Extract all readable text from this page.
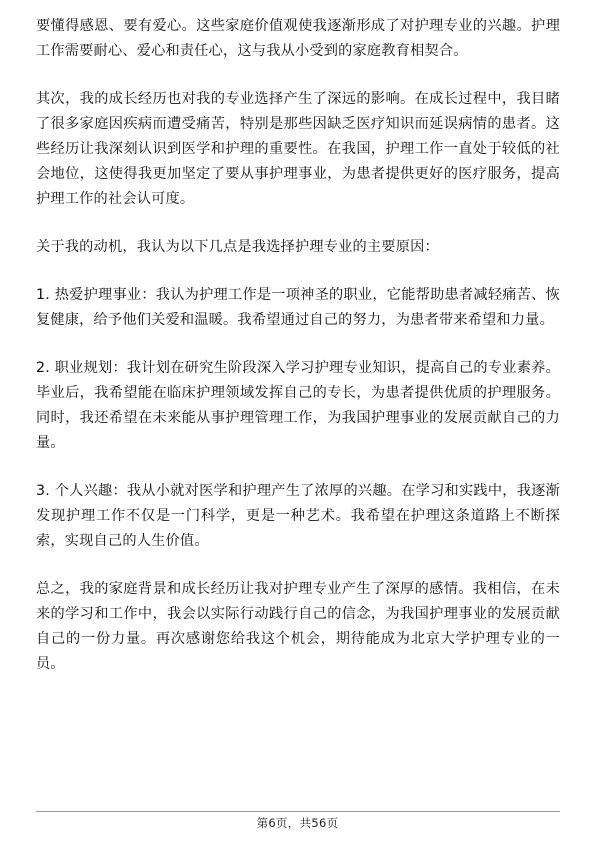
要懂得感恩、要有爱心。这些家庭价值观使我逐渐形成了对护理专业的兴趣。护理工作需要耐心、爱心和责任心，这与我从小受到的家庭教育相契合。

其次，我的成长经历也对我的专业选择产生了深远的影响。在成长过程中，我目睹了很多家庭因疾病而遭受痛苦，特别是那些因缺乏医疗知识而延误病情的患者。这些经历让我深刻认识到医学和护理的重要性。在我国，护理工作一直处于较低的社会地位，这使得我更加坚定了要从事护理事业，为患者提供更好的医疗服务，提高护理工作的社会认可度。

关于我的动机，我认为以下几点是我选择护理专业的主要原因：

1. 热爱护理事业：我认为护理工作是一项神圣的职业，它能帮助患者减轻痛苦、恢复健康，给予他们关爱和温暖。我希望通过自己的努力，为患者带来希望和力量。

2. 职业规划：我计划在研究生阶段深入学习护理专业知识，提高自己的专业素养。毕业后，我希望能在临床护理领域发挥自己的专长，为患者提供优质的护理服务。同时，我还希望在未来能从事护理管理工作，为我国护理事业的发展贡献自己的力量。

3. 个人兴趣：我从小就对医学和护理产生了浓厚的兴趣。在学习和实践中，我逐渐发现护理工作不仅是一门科学，更是一种艺术。我希望在护理这条道路上不断探索，实现自己的人生价值。

总之，我的家庭背景和成长经历让我对护理专业产生了深厚的感情。我相信，在未来的学习和工作中，我会以实际行动践行自己的信念，为我国护理事业的发展贡献自己的一份力量。再次感谢您给我这个机会，期待能成为北京大学护理专业的一员。

第6页，共56页
